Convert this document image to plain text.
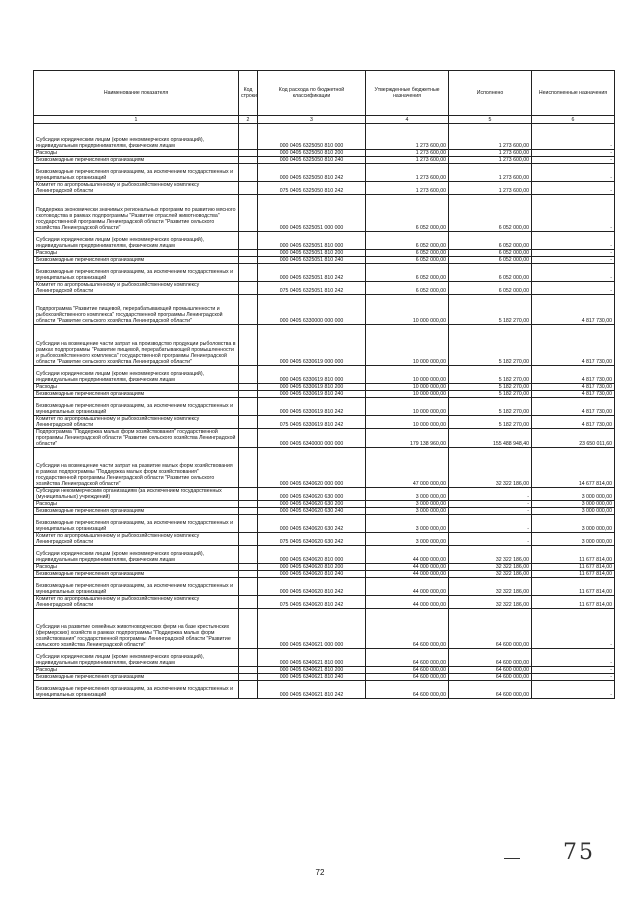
Наименование показателя	Код строки	Код расхода по бюджетной классификации	Утвержденные бюджетные назначения	Исполнено	Неисполненные назначения
1	2	3	4	5	6
Субсидии юридическим лицам (кроме некоммерческих организаций), индивидуальным предпринимателям, физическим лицам		000 0405 6325050 810 000	1 273 600,00	1 273 600,00	-
Расходы		000 0405 6325050 810 200	1 273 600,00	1 273 600,00	-
Безвозмездные перечисления организациям		000 0405 6325050 810 240	1 273 600,00	1 273 600,00	-
Безвозмездные перечисления организациям, за исключением государственных и муниципальных организаций		000 0405 6325050 810 242	1 273 600,00	1 273 600,00	-
Комитет по агропромышленному и рыбохозяйственному комплексу Ленинградской области		075 0405 6325050 810 242	1 273 600,00	1 273 600,00	-
Поддержка экономически значимых региональных программ по развитию мясного скотоводства в рамках подпрограммы "Развитие отраслей животноводства" государственной программы Ленинградской области "Развитие сельского хозяйства Ленинградской области"		000 0405 6325051 000 000	6 052 000,00	6 052 000,00	-
Субсидии юридическим лицам (кроме некоммерческих организаций), индивидуальным предпринимателям, физическим лицам		000 0405 6325051 810 000	6 052 000,00	6 052 000,00	-
Расходы		000 0405 6325051 810 200	6 052 000,00	6 052 000,00	-
Безвозмездные перечисления организациям		000 0405 6325051 810 240	6 052 000,00	6 052 000,00	-
Безвозмездные перечисления организациям, за исключением государственных и муниципальных организаций		000 0405 6325051 810 242	6 052 000,00	6 052 000,00	-
Комитет по агропромышленному и рыбохозяйственному комплексу Ленинградской области		075 0405 6325051 810 242	6 052 000,00	6 052 000,00	-
Подпрограмма "Развитие пищевой, перерабатывающей промышленности и рыбохозяйственного комплекса" государственной программы Ленинградской области "Развитие сельского хозяйства Ленинградской области"		000 0405 6330000 000 000	10 000 000,00	5 182 270,00	4 817 730,00
Субсидии на возмещение части затрат на производство продукции рыболовства в рамках подпрограммы "Развитие пищевой, перерабатывающей промышленности и рыбохозяйственного комплекса" государственной программы Ленинградской области "Развитие сельского хозяйства Ленинградской области"		000 0405 6330619 000 000	10 000 000,00	5 182 270,00	4 817 730,00
Субсидии юридическим лицам (кроме некоммерческих организаций), индивидуальным предпринимателям, физическим лицам		000 0405 6330619 810 000	10 000 000,00	5 182 270,00	4 817 730,00
Расходы		000 0405 6330619 810 200	10 000 000,00	5 182 270,00	4 817 730,00
Безвозмездные перечисления организациям		000 0405 6330619 810 240	10 000 000,00	5 182 270,00	4 817 730,00
Безвозмездные перечисления организациям, за исключением государственных и муниципальных организаций		000 0405 6330619 810 242	10 000 000,00	5 182 270,00	4 817 730,00
Комитет по агропромышленному и рыбохозяйственному комплексу Ленинградской области		075 0405 6330619 810 242	10 000 000,00	5 182 270,00	4 817 730,00
Подпрограмма "Поддержка малых форм хозяйствования" государственной программы Ленинградской области "Развитие сельского хозяйства Ленинградской области"		000 0405 6340000 000 000	179 138 960,00	155 488 948,40	23 650 011,60
Субсидии на возмещение части затрат на развитие малых форм хозяйствования в рамках подпрограммы "Поддержка малых форм хозяйствования" государственной программы Ленинградской области "Развитие сельского хозяйства Ленинградской области"		000 0405 6340620 000 000	47 000 000,00	32 322 186,00	14 677 814,00
Субсидии некоммерческим организациям (за исключением государственных (муниципальных) учреждений)		000 0405 6340620 630 000	3 000 000,00	-	3 000 000,00
Расходы		000 0405 6340620 630 200	3 000 000,00	-	3 000 000,00
Безвозмездные перечисления организациям		000 0405 6340620 630 240	3 000 000,00	-	3 000 000,00
Безвозмездные перечисления организациям, за исключением государственных и муниципальных организаций		000 0405 6340620 630 242	3 000 000,00	-	3 000 000,00
Комитет по агропромышленному и рыбохозяйственному комплексу Ленинградской области		075 0405 6340620 630 242	3 000 000,00	-	3 000 000,00
Субсидии юридическим лицам (кроме некоммерческих организаций), индивидуальным предпринимателям, физическим лицам		000 0405 6340620 810 000	44 000 000,00	32 322 186,00	11 677 814,00
Расходы		000 0405 6340620 810 200	44 000 000,00	32 322 186,00	11 677 814,00
Безвозмездные перечисления организациям		000 0405 6340620 810 240	44 000 000,00	32 322 186,00	11 677 814,00
Безвозмездные перечисления организациям, за исключением государственных и муниципальных организаций		000 0405 6340620 810 242	44 000 000,00	32 322 186,00	11 677 814,00
Комитет по агропромышленному и рыбохозяйственному комплексу Ленинградской области		075 0405 6340620 810 242	44 000 000,00	32 322 186,00	11 677 814,00
Субсидии на развитие семейных животноводческих ферм на базе крестьянских (фермерских) хозяйств в рамках подпрограммы "Поддержка малых форм хозяйствования" государственной программы Ленинградской области "Развитие сельского хозяйства Ленинградской области"		000 0405 6340621 000 000	64 600 000,00	64 600 000,00	-
Субсидии юридическим лицам (кроме некоммерческих организаций), индивидуальным предпринимателям, физическим лицам		000 0405 6340621 810 000	64 600 000,00	64 600 000,00	-
Расходы		000 0405 6340621 810 200	64 600 000,00	64 600 000,00	-
Безвозмездные перечисления организациям		000 0405 6340621 810 240	64 600 000,00	64 600 000,00	-
Безвозмездные перечисления организациям, за исключением государственных и муниципальных организаций		000 0405 6340621 810 242	64 600 000,00	64 600 000,00	-
75
72
